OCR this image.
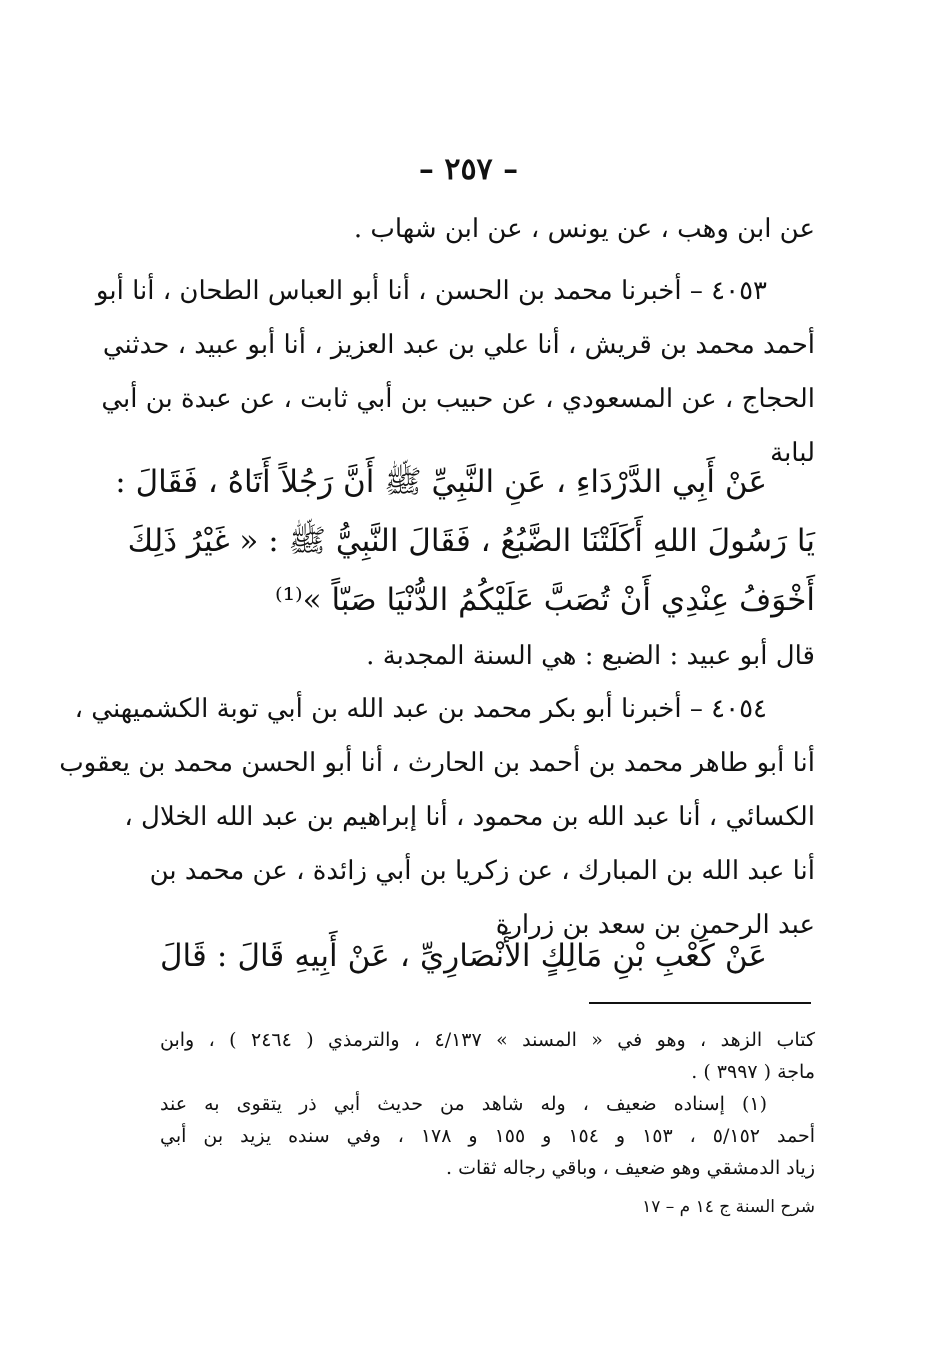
– ٢٥٧ –
عن ابن وهب ، عن يونس ، عن ابن شهاب .
٤٠٥٣ – أخبرنا محمد بن الحسن ، أنا أبو العباس الطحان ، أنا أبو
أحمد محمد بن قريش ، أنا علي بن عبد العزيز ، أنا أبو عبيد ، حدثني
الحجاج ، عن المسعودي ، عن حبيب بن أبي ثابت ، عن عبدة بن أبي
لبابة
عَنْ أَبِي الدَّرْدَاءِ ، عَنِ النَّبِيِّ ﷺ أَنَّ رَجُلاً أَتَاهُ ، فَقَالَ :
يَا رَسُولَ اللهِ أَكَلَتْنَا الضَّبُعُ ، فَقَالَ النَّبِيُّ ﷺ : « غَيْرُ ذَلِكَ
أَخْوَفُ عِنْدِي أَنْ تُصَبَّ عَلَيْكُمُ الدُّنْيَا صَبّاً »⁽¹⁾
قال أبو عبيد : الضبع : هي السنة المجدبة .
٤٠٥٤ – أخبرنا أبو بكر محمد بن عبد الله بن أبي توبة الكشميهني ،
أنا أبو طاهر محمد بن أحمد بن الحارث ، أنا أبو الحسن محمد بن يعقوب
الكسائي ، أنا عبد الله بن محمود ، أنا إبراهيم بن عبد الله الخلال ،
أنا عبد الله بن المبارك ، عن زكريا بن أبي زائدة ، عن محمد بن
عبد الرحمن بن سعد بن زرارة
عَنْ كَعْبِ بْنِ مَالِكٍ الأَنْصَارِيِّ ، عَنْ أَبِيهِ قَالَ : قَالَ
كتاب الزهد ، وهو في « المسند » ٤/١٣٧ ، والترمذي ( ٢٤٦٤ ) ، وابن
ماجة ( ٣٩٩٧ ) .
(١) إسناده ضعيف ، وله شاهد من حديث أبي ذر يتقوى به عند
أحمد ٥/١٥٢ ، ١٥٣ و ١٥٤ و ١٥٥ و ١٧٨ ، وفي سنده يزيد بن أبي
زياد الدمشقي وهو ضعيف ، وباقي رجاله ثقات .
شرح السنة ج ١٤ م – ١٧
